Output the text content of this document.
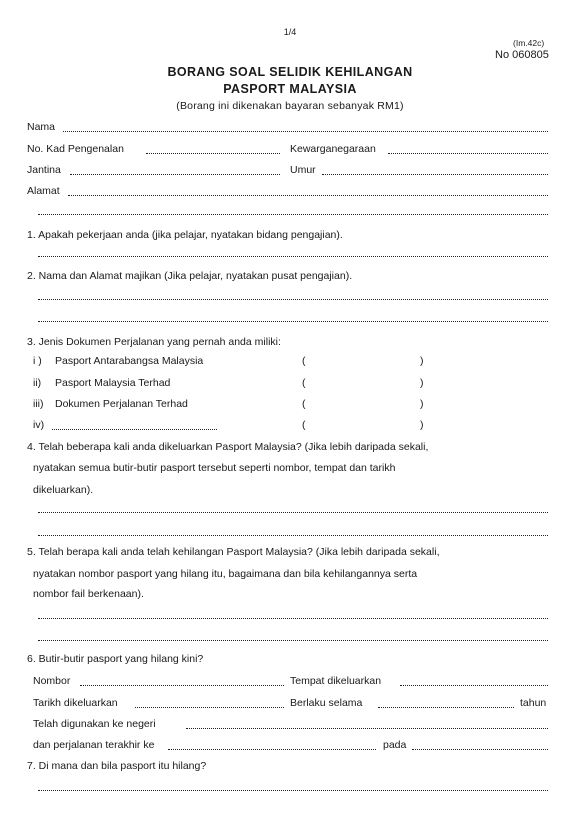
1/4
(Im.42c)
No 060805
BORANG SOAL SELIDIK KEHILANGAN
PASPORT MALAYSIA
(Borang ini dikenakan bayaran sebanyak RM1)
Nama
No. Kad Pengenalan	Kewarganegaraan
Jantina	Umur
Alamat
1. Apakah pekerjaan anda (jika pelajar, nyatakan bidang pengajian).
2. Nama dan Alamat majikan (Jika pelajar, nyatakan pusat pengajian).
3. Jenis Dokumen Perjalanan yang pernah anda miliki:
i ) Pasport Antarabangsa Malaysia	(	)
ii) Pasport Malaysia Terhad	(	)
iii) Dokumen Perjalanan Terhad	(	)
iv)	(	)
4. Telah beberapa kali anda dikeluarkan Pasport Malaysia? (Jika lebih daripada sekali,
nyatakan semua butir-butir pasport tersebut seperti nombor, tempat dan tarikh
dikeluarkan).
5. Telah berapa kali anda telah kehilangan Pasport Malaysia? (Jika lebih daripada sekali,
nyatakan nombor pasport yang hilang itu, bagaimana dan bila kehilangannya serta
nombor fail berkenaan).
6. Butir-butir pasport yang hilang kini?
Nombor	Tempat dikeluarkan
Tarikh dikeluarkan	Berlaku selama	tahun
Telah digunakan ke negeri
dan perjalanan terakhir ke	pada
7. Di mana dan bila pasport itu hilang?
